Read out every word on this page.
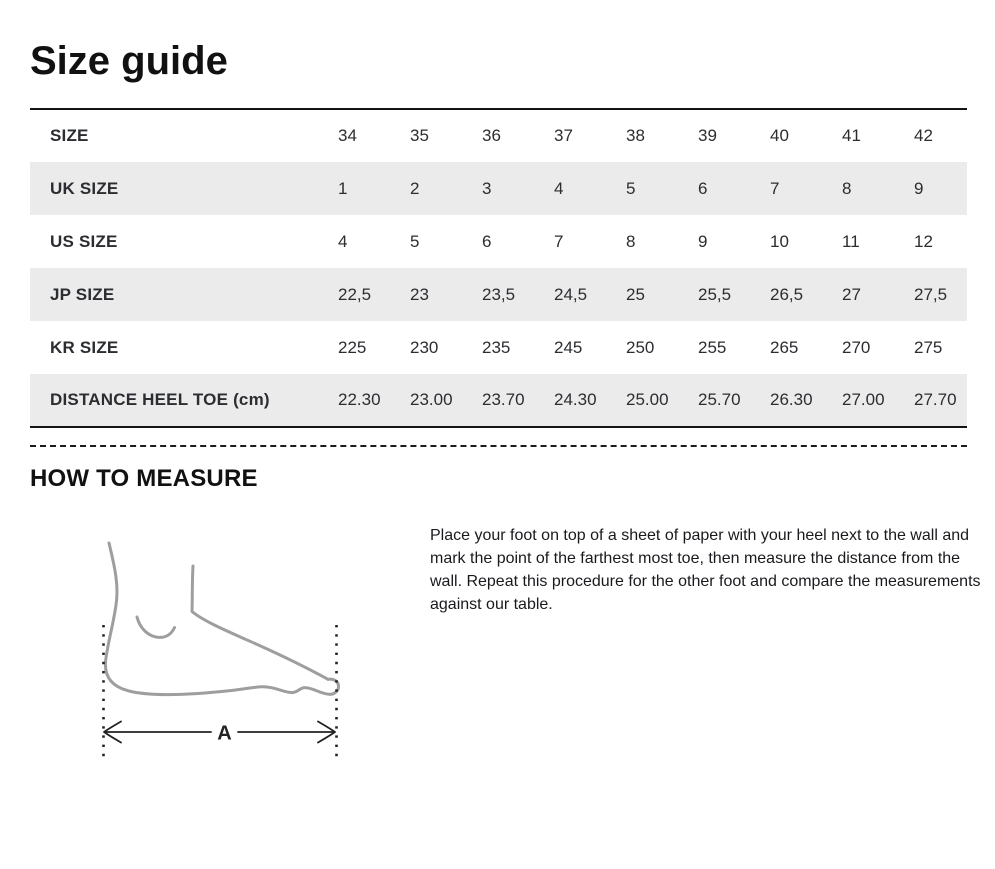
Size guide
SIZE	34	35	36	37	38	39	40	41	42
UK SIZE	1	2	3	4	5	6	7	8	9
US SIZE	4	5	6	7	8	9	10	11	12
JP SIZE	22,5	23	23,5	24,5	25	25,5	26,5	27	27,5
KR SIZE	225	230	235	245	250	255	265	270	275
DISTANCE HEEL TOE (cm)	22.30	23.00	23.70	24.30	25.00	25.70	26.30	27.00	27.70
HOW TO MEASURE
A

Place your foot on top of a sheet of paper with your heel next to the wall and mark the point of the farthest most toe, then measure the distance from the wall. Repeat this procedure for the other foot and compare the measurements against our table.
